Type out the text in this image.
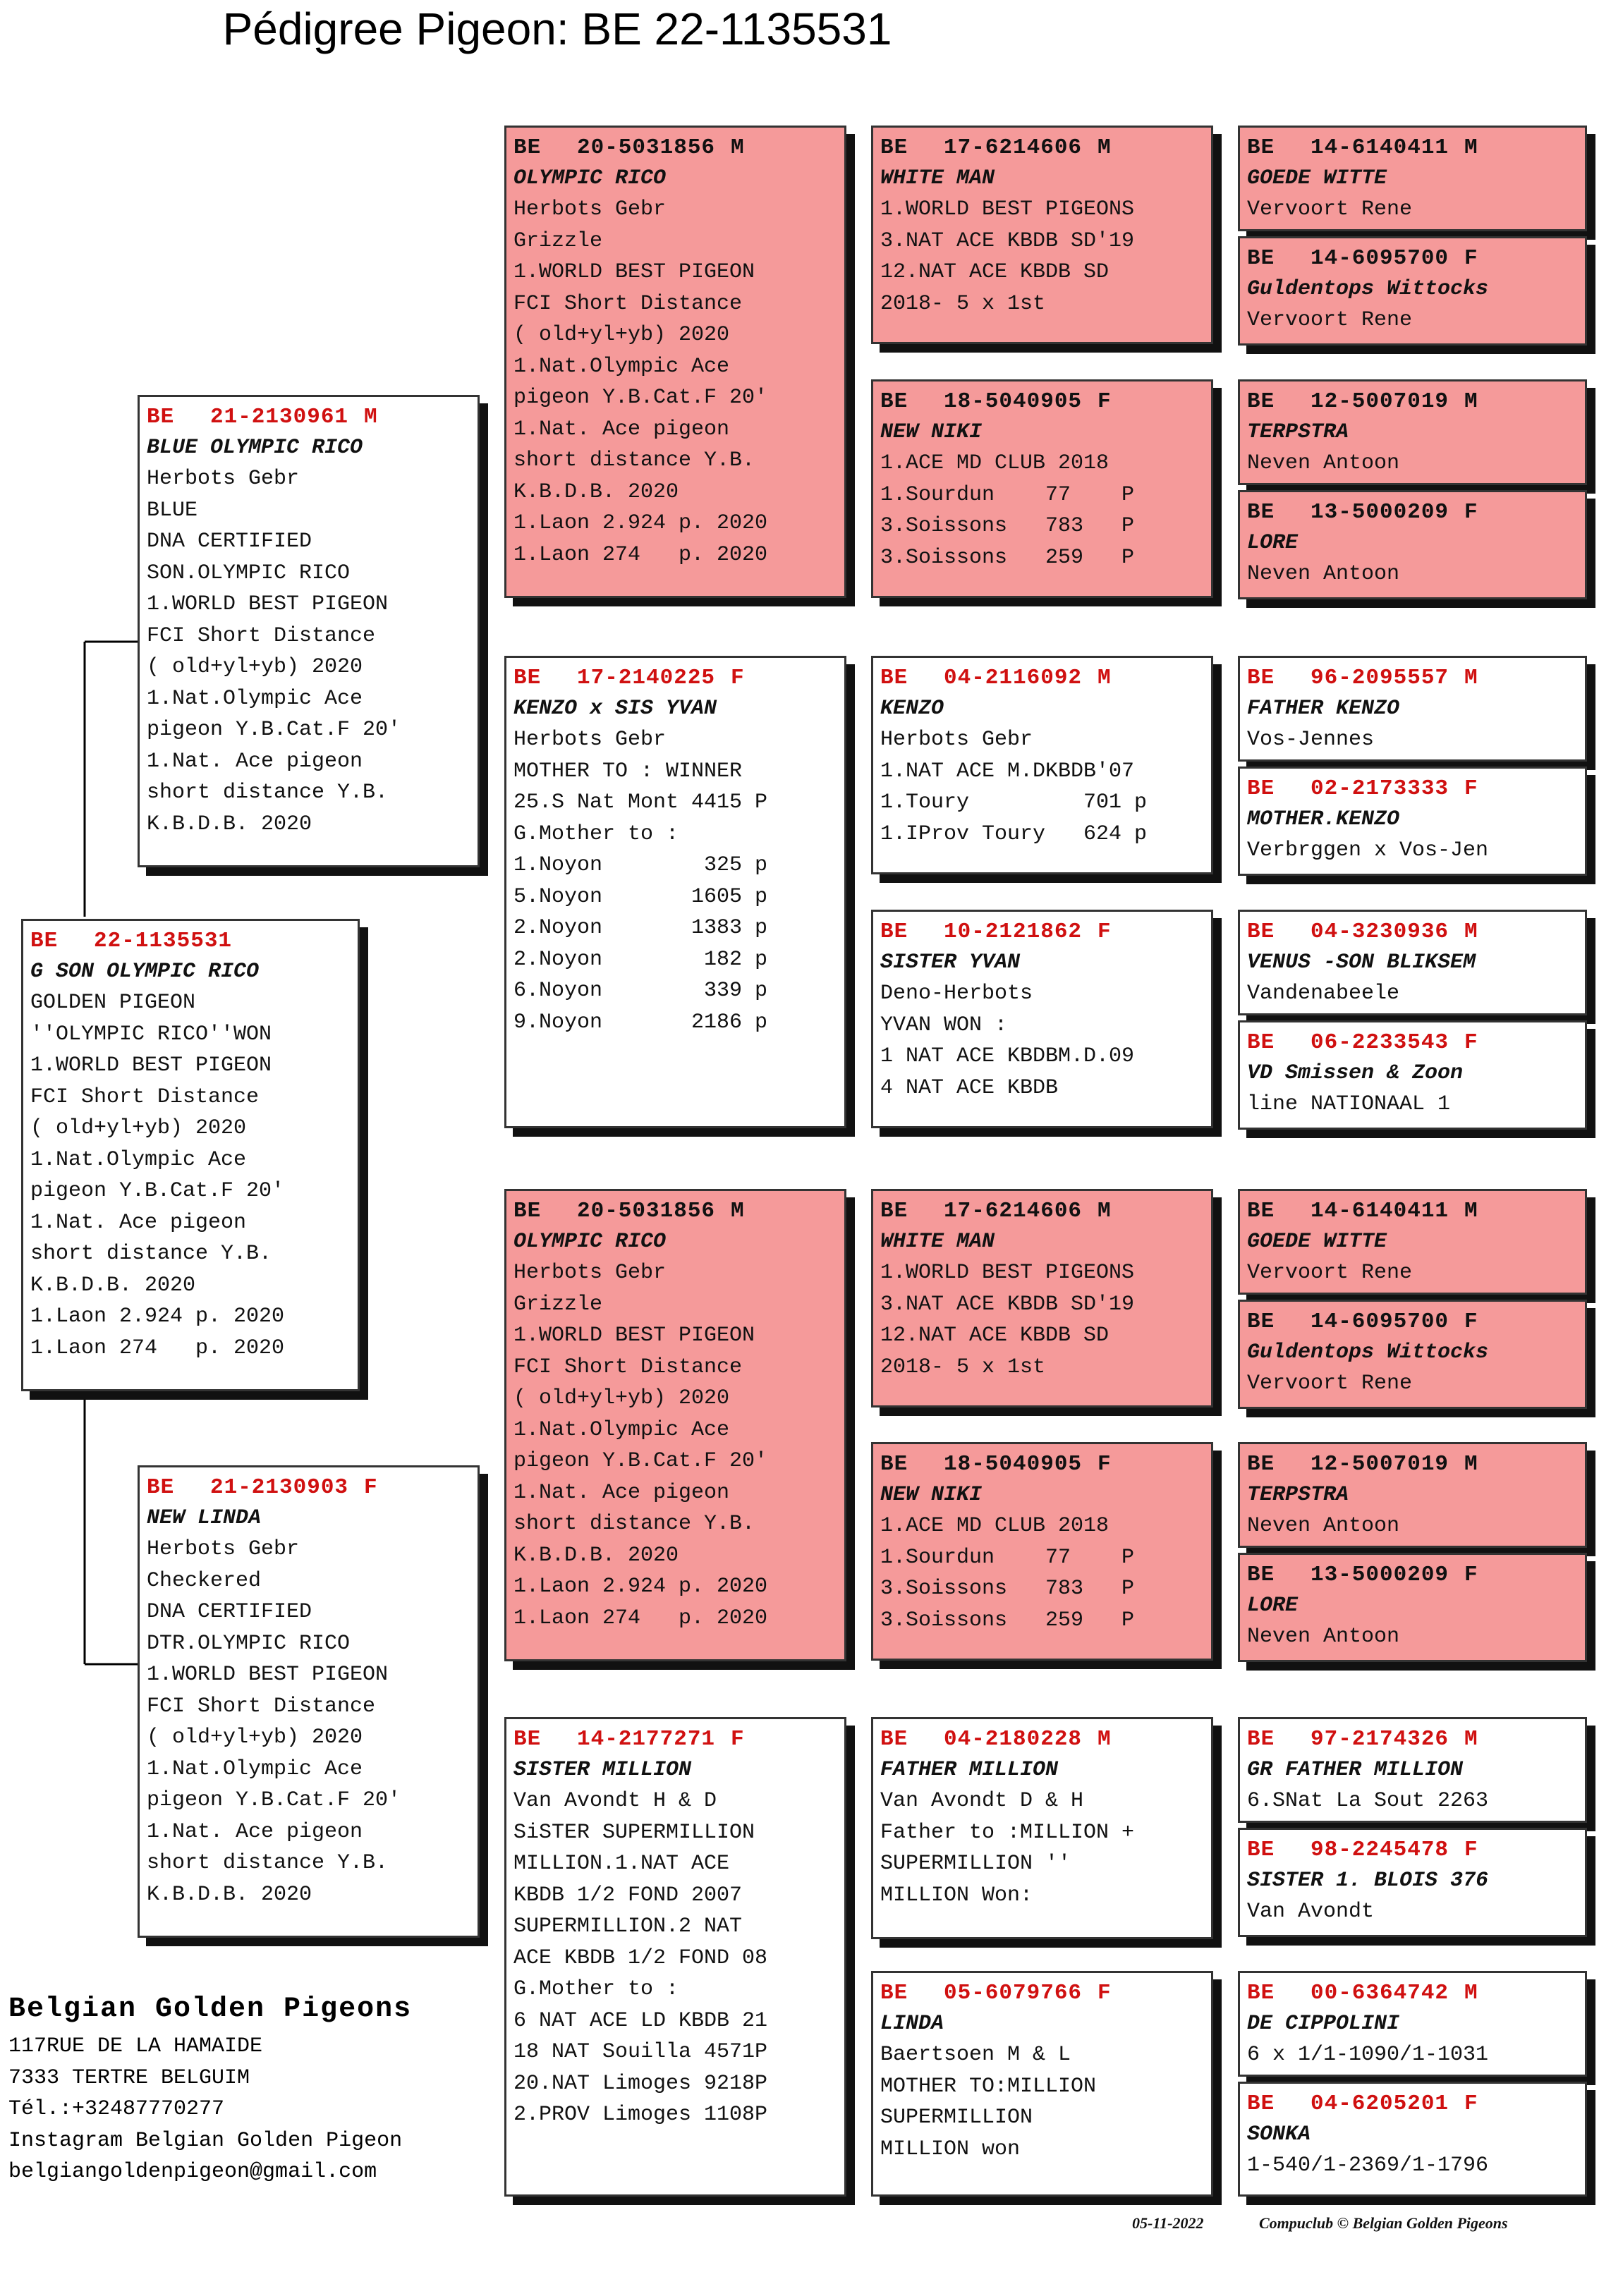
Pédigree Pigeon: BE 22-1135531
BE	22-1135531
G SON OLYMPIC RICO
GOLDEN PIGEON
''OLYMPIC RICO''WON
1.WORLD BEST PIGEON
FCI Short Distance
( old+yl+yb) 2020
1.Nat.Olympic Ace
pigeon Y.B.Cat.F 20'
1.Nat. Ace pigeon
short distance Y.B.
K.B.D.B. 2020
1.Laon 2.924 p. 2020
1.Laon 274   p. 2020
BE	21-2130961 M
BLUE OLYMPIC RICO
Herbots Gebr
BLUE
DNA CERTIFIED
SON.OLYMPIC RICO
1.WORLD BEST PIGEON
FCI Short Distance
( old+yl+yb) 2020
1.Nat.Olympic Ace
pigeon Y.B.Cat.F 20'
1.Nat. Ace pigeon
short distance Y.B.
K.B.D.B. 2020
BE	21-2130903 F
NEW LINDA
Herbots Gebr
Checkered
DNA CERTIFIED
DTR.OLYMPIC RICO
1.WORLD BEST PIGEON
FCI Short Distance
( old+yl+yb) 2020
1.Nat.Olympic Ace
pigeon Y.B.Cat.F 20'
1.Nat. Ace pigeon
short distance Y.B.
K.B.D.B. 2020
BE	20-5031856 M
OLYMPIC RICO
Herbots Gebr
Grizzle
1.WORLD BEST PIGEON
FCI Short Distance
( old+yl+yb) 2020
1.Nat.Olympic Ace
pigeon Y.B.Cat.F 20'
1.Nat. Ace pigeon
short distance Y.B.
K.B.D.B. 2020
1.Laon 2.924 p. 2020
1.Laon 274   p. 2020
BE	17-2140225 F
KENZO x SIS YVAN
Herbots Gebr
MOTHER TO : WINNER
25.S Nat Mont 4415 P
G.Mother to :
1.Noyon        325 p
5.Noyon       1605 p
2.Noyon       1383 p
2.Noyon        182 p
6.Noyon        339 p
9.Noyon       2186 p
BE	20-5031856 M
OLYMPIC RICO
Herbots Gebr
Grizzle
1.WORLD BEST PIGEON
FCI Short Distance
( old+yl+yb) 2020
1.Nat.Olympic Ace
pigeon Y.B.Cat.F 20'
1.Nat. Ace pigeon
short distance Y.B.
K.B.D.B. 2020
1.Laon 2.924 p. 2020
1.Laon 274   p. 2020
BE	14-2177271 F
SISTER MILLION
Van Avondt H & D
SiSTER SUPERMILLION
MILLION.1.NAT ACE
KBDB 1/2 FOND 2007
SUPERMILLION.2 NAT
ACE KBDB 1/2 FOND 08
G.Mother to :
6 NAT ACE LD KBDB 21
18 NAT Souilla 4571P
20.NAT Limoges 9218P
2.PROV Limoges 1108P
BE	17-6214606 M
WHITE MAN
1.WORLD BEST PIGEONS
3.NAT ACE KBDB SD'19
12.NAT ACE KBDB SD
2018- 5 x 1st
BE	18-5040905 F
NEW NIKI
1.ACE MD CLUB 2018
1.Sourdun    77    P
3.Soissons   783   P
3.Soissons   259   P
BE	04-2116092 M
KENZO
Herbots Gebr
1.NAT ACE M.DKBDB'07
1.Toury         701 p
1.IProv Toury   624 p
BE	10-2121862 F
SISTER YVAN
Deno-Herbots
YVAN WON :
1 NAT ACE KBDBM.D.09
4 NAT ACE KBDB
BE	17-6214606 M
WHITE MAN
1.WORLD BEST PIGEONS
3.NAT ACE KBDB SD'19
12.NAT ACE KBDB SD
2018- 5 x 1st
BE	18-5040905 F
NEW NIKI
1.ACE MD CLUB 2018
1.Sourdun    77    P
3.Soissons   783   P
3.Soissons   259   P
BE	04-2180228 M
FATHER MILLION
Van Avondt D & H
Father to :MILLION +
SUPERMILLION ''
MILLION Won:
BE	05-6079766 F
LINDA
Baertsoen M & L
MOTHER TO:MILLION
SUPERMILLION
MILLION won
BE	14-6140411 M
GOEDE WITTE
Vervoort Rene
BE	14-6095700 F
Guldentops Wittocks
Vervoort Rene
BE	12-5007019 M
TERPSTRA
Neven Antoon
BE	13-5000209 F
LORE
Neven Antoon
BE	96-2095557 M
FATHER KENZO
Vos-Jennes
BE	02-2173333 F
MOTHER.KENZO
Verbrggen x Vos-Jen
BE	04-3230936 M
VENUS -SON BLIKSEM
Vandenabeele
BE	06-2233543 F
VD Smissen & Zoon
line NATIONAAL 1
BE	14-6140411 M
GOEDE WITTE
Vervoort Rene
BE	14-6095700 F
Guldentops Wittocks
Vervoort Rene
BE	12-5007019 M
TERPSTRA
Neven Antoon
BE	13-5000209 F
LORE
Neven Antoon
BE	97-2174326 M
GR FATHER MILLION
6.SNat La Sout 2263
BE	98-2245478 F
SISTER 1. BLOIS 376
Van Avondt
BE	00-6364742 M
DE CIPPOLINI
6 x 1/1-1090/1-1031
BE	04-6205201 F
SONKA
1-540/1-2369/1-1796
Belgian Golden Pigeons
117RUE DE LA HAMAIDE
7333 TERTRE BELGUIM
Tél.:+32487770277
Instagram Belgian Golden Pigeon
belgiangoldenpigeon@gmail.com
05-11-2022	Compuclub © Belgian Golden Pigeons
